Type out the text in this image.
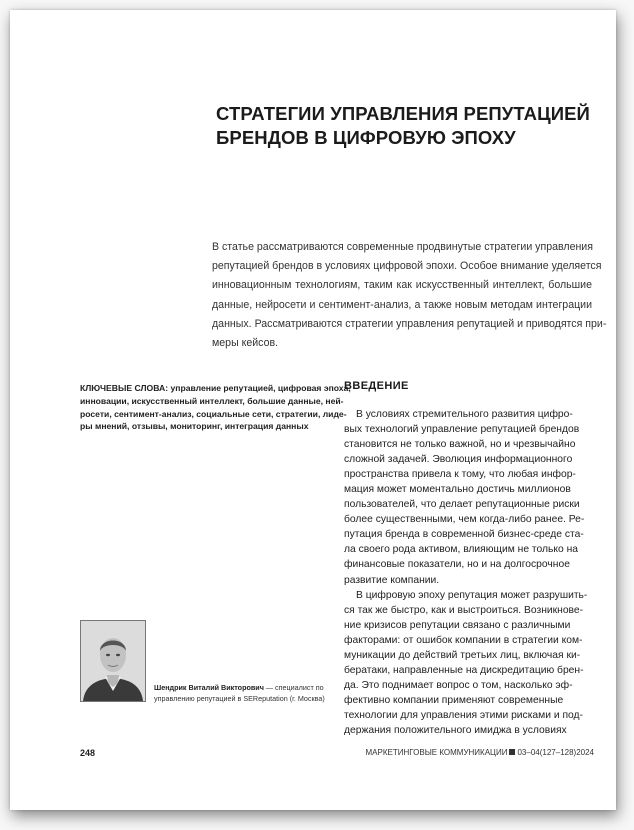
СТРАТЕГИИ УПРАВЛЕНИЯ РЕПУТАЦИЕЙ
БРЕНДОВ В ЦИФРОВУЮ ЭПОХУ
В статье рассматриваются современные продвинутые стратегии управления
репутацией брендов в условиях цифровой эпохи. Особое внимание уделяется
инновационным технологиям, таким как искусственный интеллект, большие
данные, нейросети и сентимент-анализ, а также новым методам интеграции
данных. Рассматриваются стратегии управления репутацией и приводятся при-
меры кейсов.
КЛЮЧЕВЫЕ СЛОВА: управление репутацией, цифровая эпоха,
инновации, искусственный интеллект, большие данные, ней-
росети, сентимент-анализ, социальные сети, стратегии, лиде-
ры мнений, отзывы, мониторинг, интеграция данных
ВВЕДЕНИЕ
В условиях стремительного развития цифро-
вых технологий управление репутацией брендов
становится не только важной, но и чрезвычайно
сложной задачей. Эволюция информационного
пространства привела к тому, что любая инфор-
мация может моментально достичь миллионов
пользователей, что делает репутационные риски
более существенными, чем когда-либо ранее. Ре-
путация бренда в современной бизнес-среде ста-
ла своего рода активом, влияющим не только на
финансовые показатели, но и на долгосрочное
развитие компании.
В цифровую эпоху репутация может разрушить-
ся так же быстро, как и выстроиться. Возникнове-
ние кризисов репутации связано с различными
факторами: от ошибок компании в стратегии ком-
муникации до действий третьих лиц, включая ки-
бератаки, направленные на дискредитацию брен-
да. Это поднимает вопрос о том, насколько эф-
фективно компании применяют современные
технологии для управления этими рисками и под-
держания положительного имиджа в условиях
Шендрик Виталий Викторович — специалист по
управлению репутацией в SEReputation (г. Москва)
248	МАРКЕТИНГОВЫЕ КОММУНИКАЦИИ 03–04(127–128)2024
